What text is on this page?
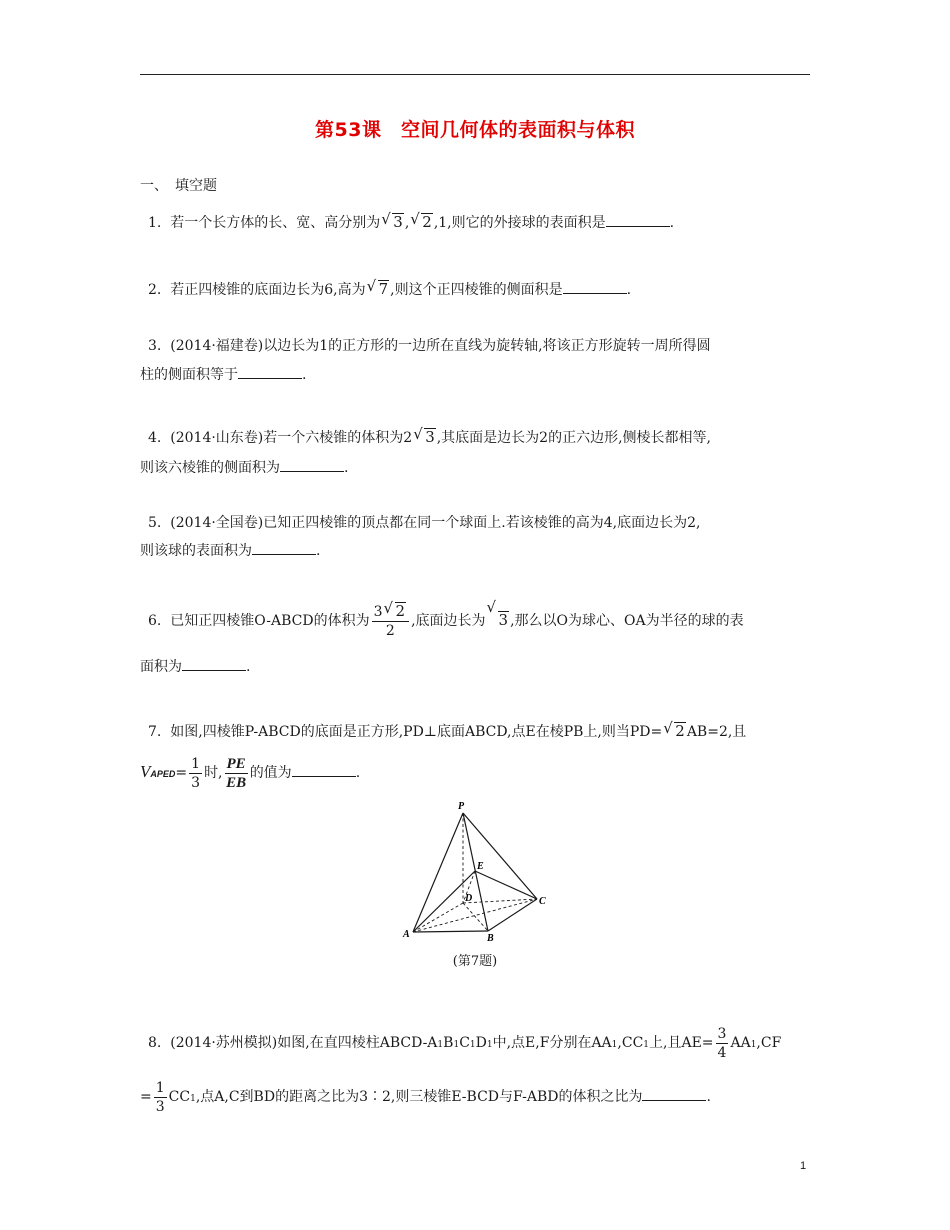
第53课　空间几何体的表面积与体积
一、　填空题
1. 若一个长方体的长、宽、高分别为 √ 3 , √ 2 ,1,则它的外接球的表面积是	.
2. 若正四棱锥的底面边长为6,高为 √ 7 ,则这个正四棱锥的侧面积是	.
3. (2014·福建卷)以边长为1的正方形的一边所在直线为旋转轴,将该正方形旋转一周所得圆
柱的侧面积等于	.
4. (2014·山东卷)若一个六棱锥的体积为2 √ 3 ,其底面是边长为2的正六边形,侧棱长都相等,
则该六棱锥的侧面积为	.
5. (2014·全国卷)已知正四棱锥的顶点都在同一个球面上.若该棱锥的高为4,底面边长为2,
则该球的表面积为	.
6. 已知正四棱锥O-ABCD的体积为 $\frac{3 √ 2}{2}$ ,底面边长为
√
3 ,那么以O为球心、OA为半径的球的表
面积为	.
7. 如图,四棱锥P-ABCD的底面是正方形,PD⊥底面ABCD,点E在棱PB上,则当PD= √ 2 AB=2,且
VAPED= $\frac{1}{3}$ 时, $\frac{PE}{EB}$ 的值为	.
P
E
D	C
A	B
(第7题)
8. (2014·苏州模拟)如图,在直四棱柱ABCD-A1B1C1D1中,点E,F分别在AA1,CC1上,且$AE= \frac{3}{4} AA1,CF$
= $\frac{1}{3} CC1$,点A,C到BD的距离之比为3∶2,则三棱锥E-BCD与F-ABD的体积之比为	.
1
